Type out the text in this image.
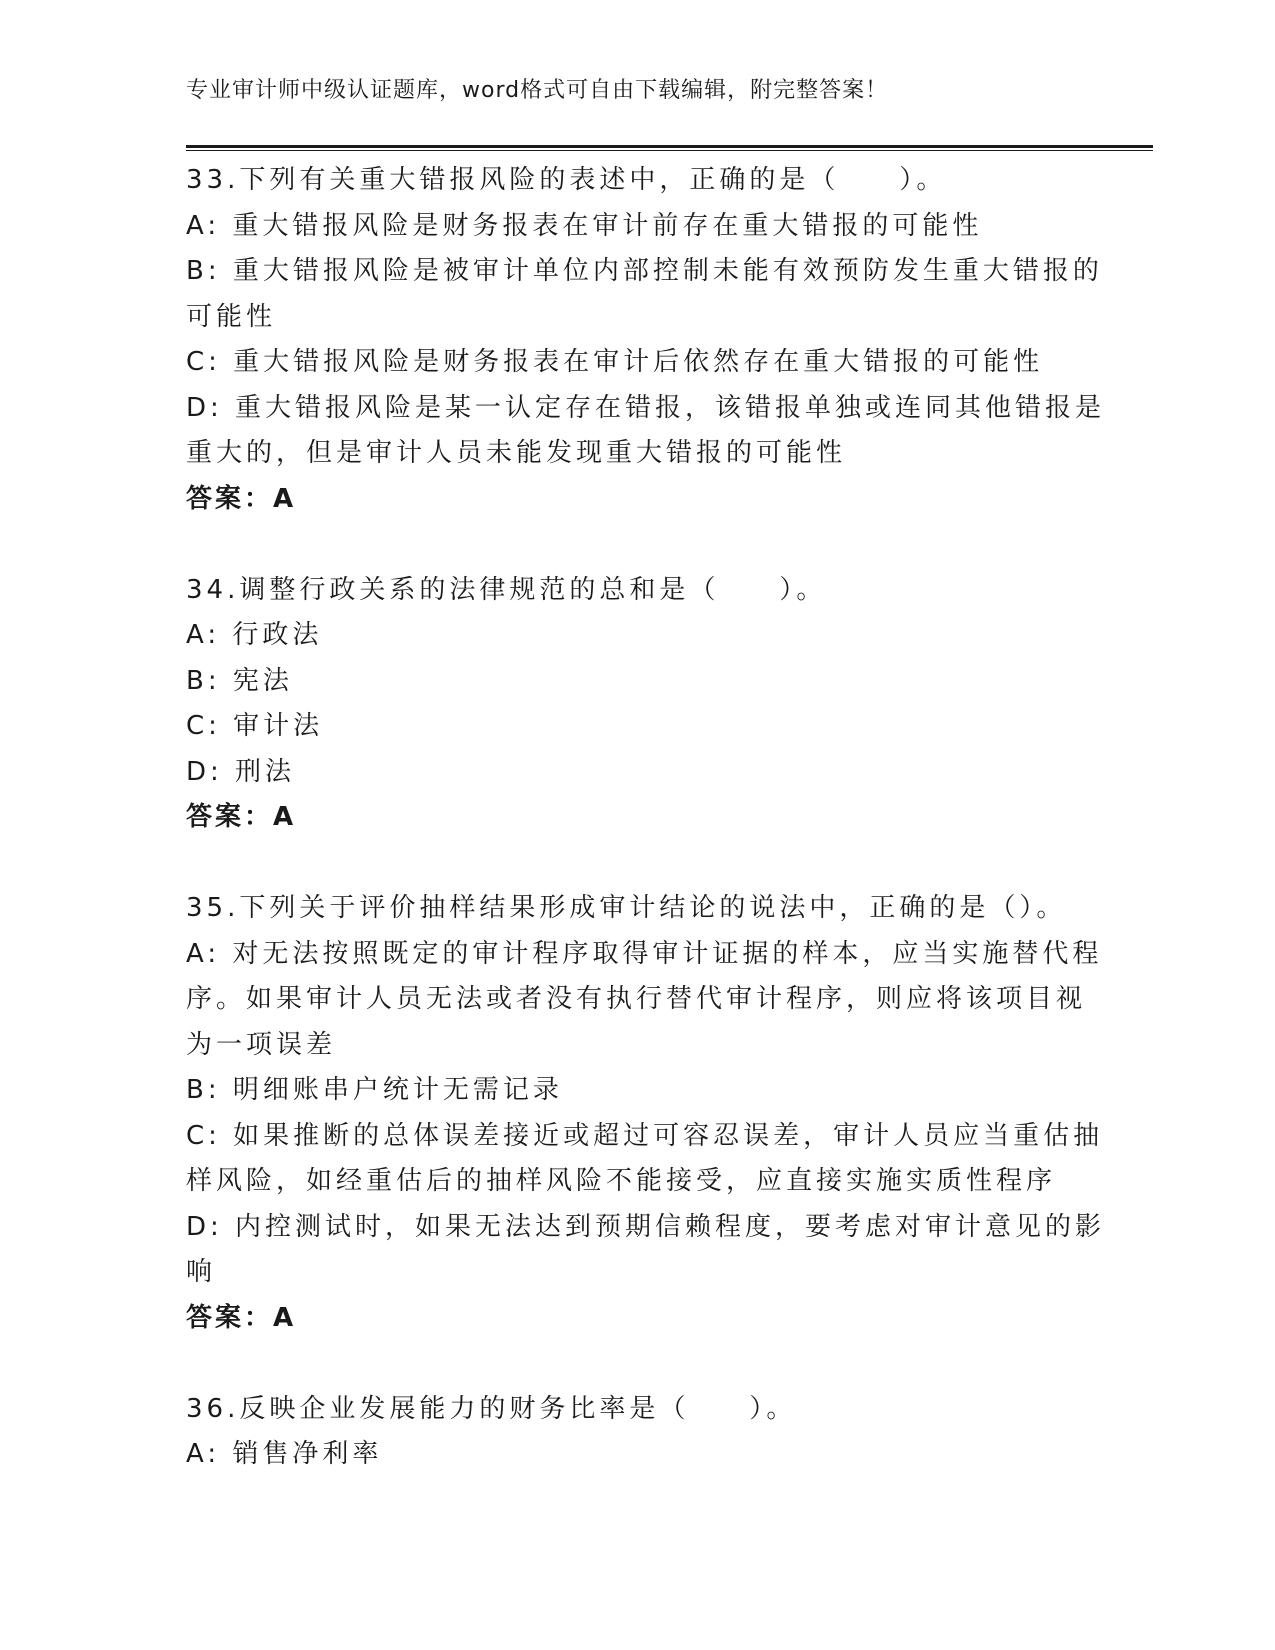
专业审计师中级认证题库，word格式可自由下载编辑，附完整答案！
33.下列有关重大错报风险的表述中，正确的是（　　）。
A: 重大错报风险是财务报表在审计前存在重大错报的可能性
B: 重大错报风险是被审计单位内部控制未能有效预防发生重大错报的
可能性
C: 重大错报风险是财务报表在审计后依然存在重大错报的可能性
D: 重大错报风险是某一认定存在错报，该错报单独或连同其他错报是
重大的，但是审计人员未能发现重大错报的可能性
答案：A
34.调整行政关系的法律规范的总和是（　　）。
A: 行政法
B: 宪法
C: 审计法
D: 刑法
答案：A
35.下列关于评价抽样结果形成审计结论的说法中，正确的是（）。
A: 对无法按照既定的审计程序取得审计证据的样本，应当实施替代程
序。如果审计人员无法或者没有执行替代审计程序，则应将该项目视
为一项误差
B: 明细账串户统计无需记录
C: 如果推断的总体误差接近或超过可容忍误差，审计人员应当重估抽
样风险，如经重估后的抽样风险不能接受，应直接实施实质性程序
D: 内控测试时，如果无法达到预期信赖程度，要考虑对审计意见的影
响
答案：A
36.反映企业发展能力的财务比率是（　　）。
A: 销售净利率
